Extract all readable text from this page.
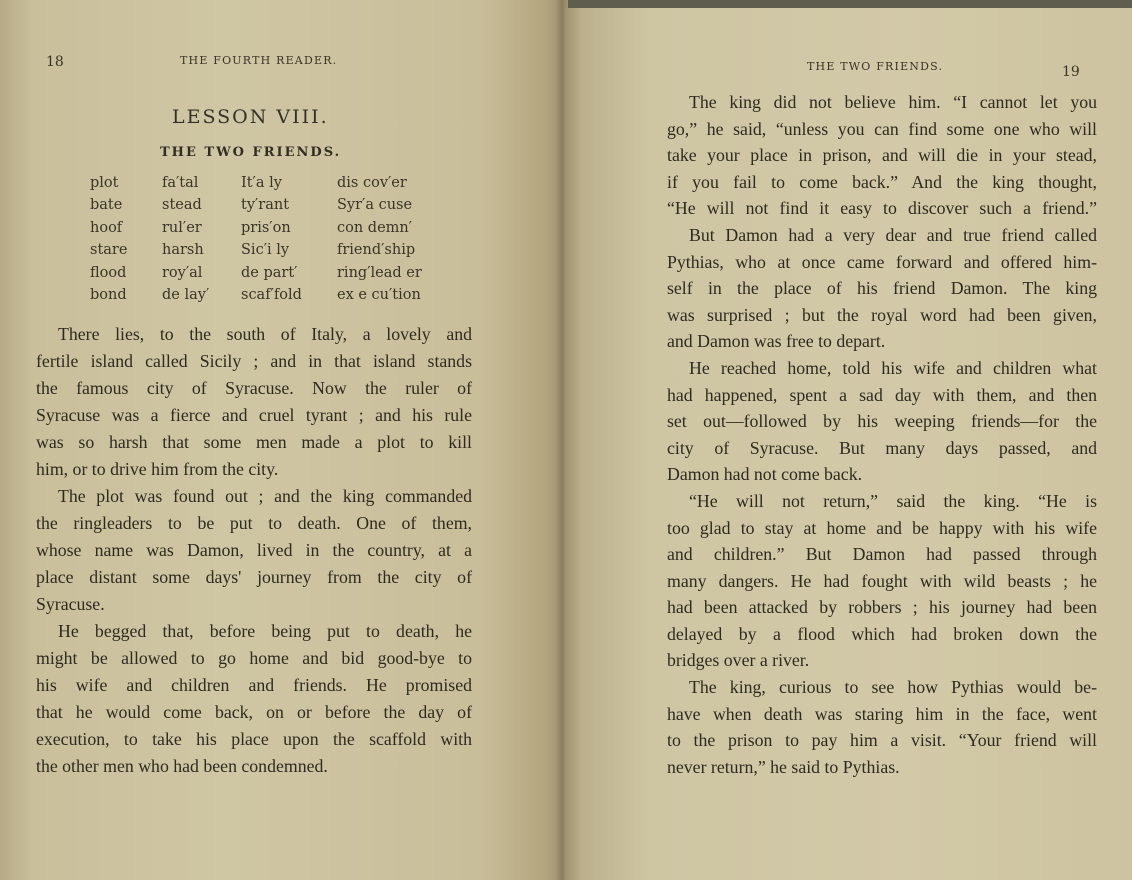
18	THE FOURTH READER.
LESSON VIII.
THE TWO FRIENDS.
plot	fa′tal	It′a ly	dis cov′er
bate	stead	ty′rant	Syr′a cuse
hoof	rul′er	pris′on	con demn′
stare	harsh	Sic′i ly	friend′ship
flood	roy′al	de part′	ring′lead er
bond	de lay′	scaf′fold	ex e cu′tion
There lies, to the south of Italy, a lovely and
fertile island called Sicily ; and in that island stands
the famous city of Syracuse. Now the ruler of
Syracuse was a fierce and cruel tyrant ; and his rule
was so harsh that some men made a plot to kill
him, or to drive him from the city.
The plot was found out ; and the king commanded
the ringleaders to be put to death. One of them,
whose name was Damon, lived in the country, at a
place distant some days' journey from the city of
Syracuse.
He begged that, before being put to death, he
might be allowed to go home and bid good-bye to
his wife and children and friends. He promised
that he would come back, on or before the day of
execution, to take his place upon the scaffold with
the other men who had been condemned.
THE TWO FRIENDS.	19
The king did not believe him. “I cannot let you
go,” he said, “unless you can find some one who will
take your place in prison, and will die in your stead,
if you fail to come back.” And the king thought,
“He will not find it easy to discover such a friend.”
But Damon had a very dear and true friend called
Pythias, who at once came forward and offered him-
self in the place of his friend Damon. The king
was surprised ; but the royal word had been given,
and Damon was free to depart.
He reached home, told his wife and children what
had happened, spent a sad day with them, and then
set out—followed by his weeping friends—for the
city of Syracuse. But many days passed, and
Damon had not come back.
“He will not return,” said the king. “He is
too glad to stay at home and be happy with his wife
and children.” But Damon had passed through
many dangers. He had fought with wild beasts ; he
had been attacked by robbers ; his journey had been
delayed by a flood which had broken down the
bridges over a river.
The king, curious to see how Pythias would be-
have when death was staring him in the face, went
to the prison to pay him a visit. “Your friend will
never return,” he said to Pythias.
